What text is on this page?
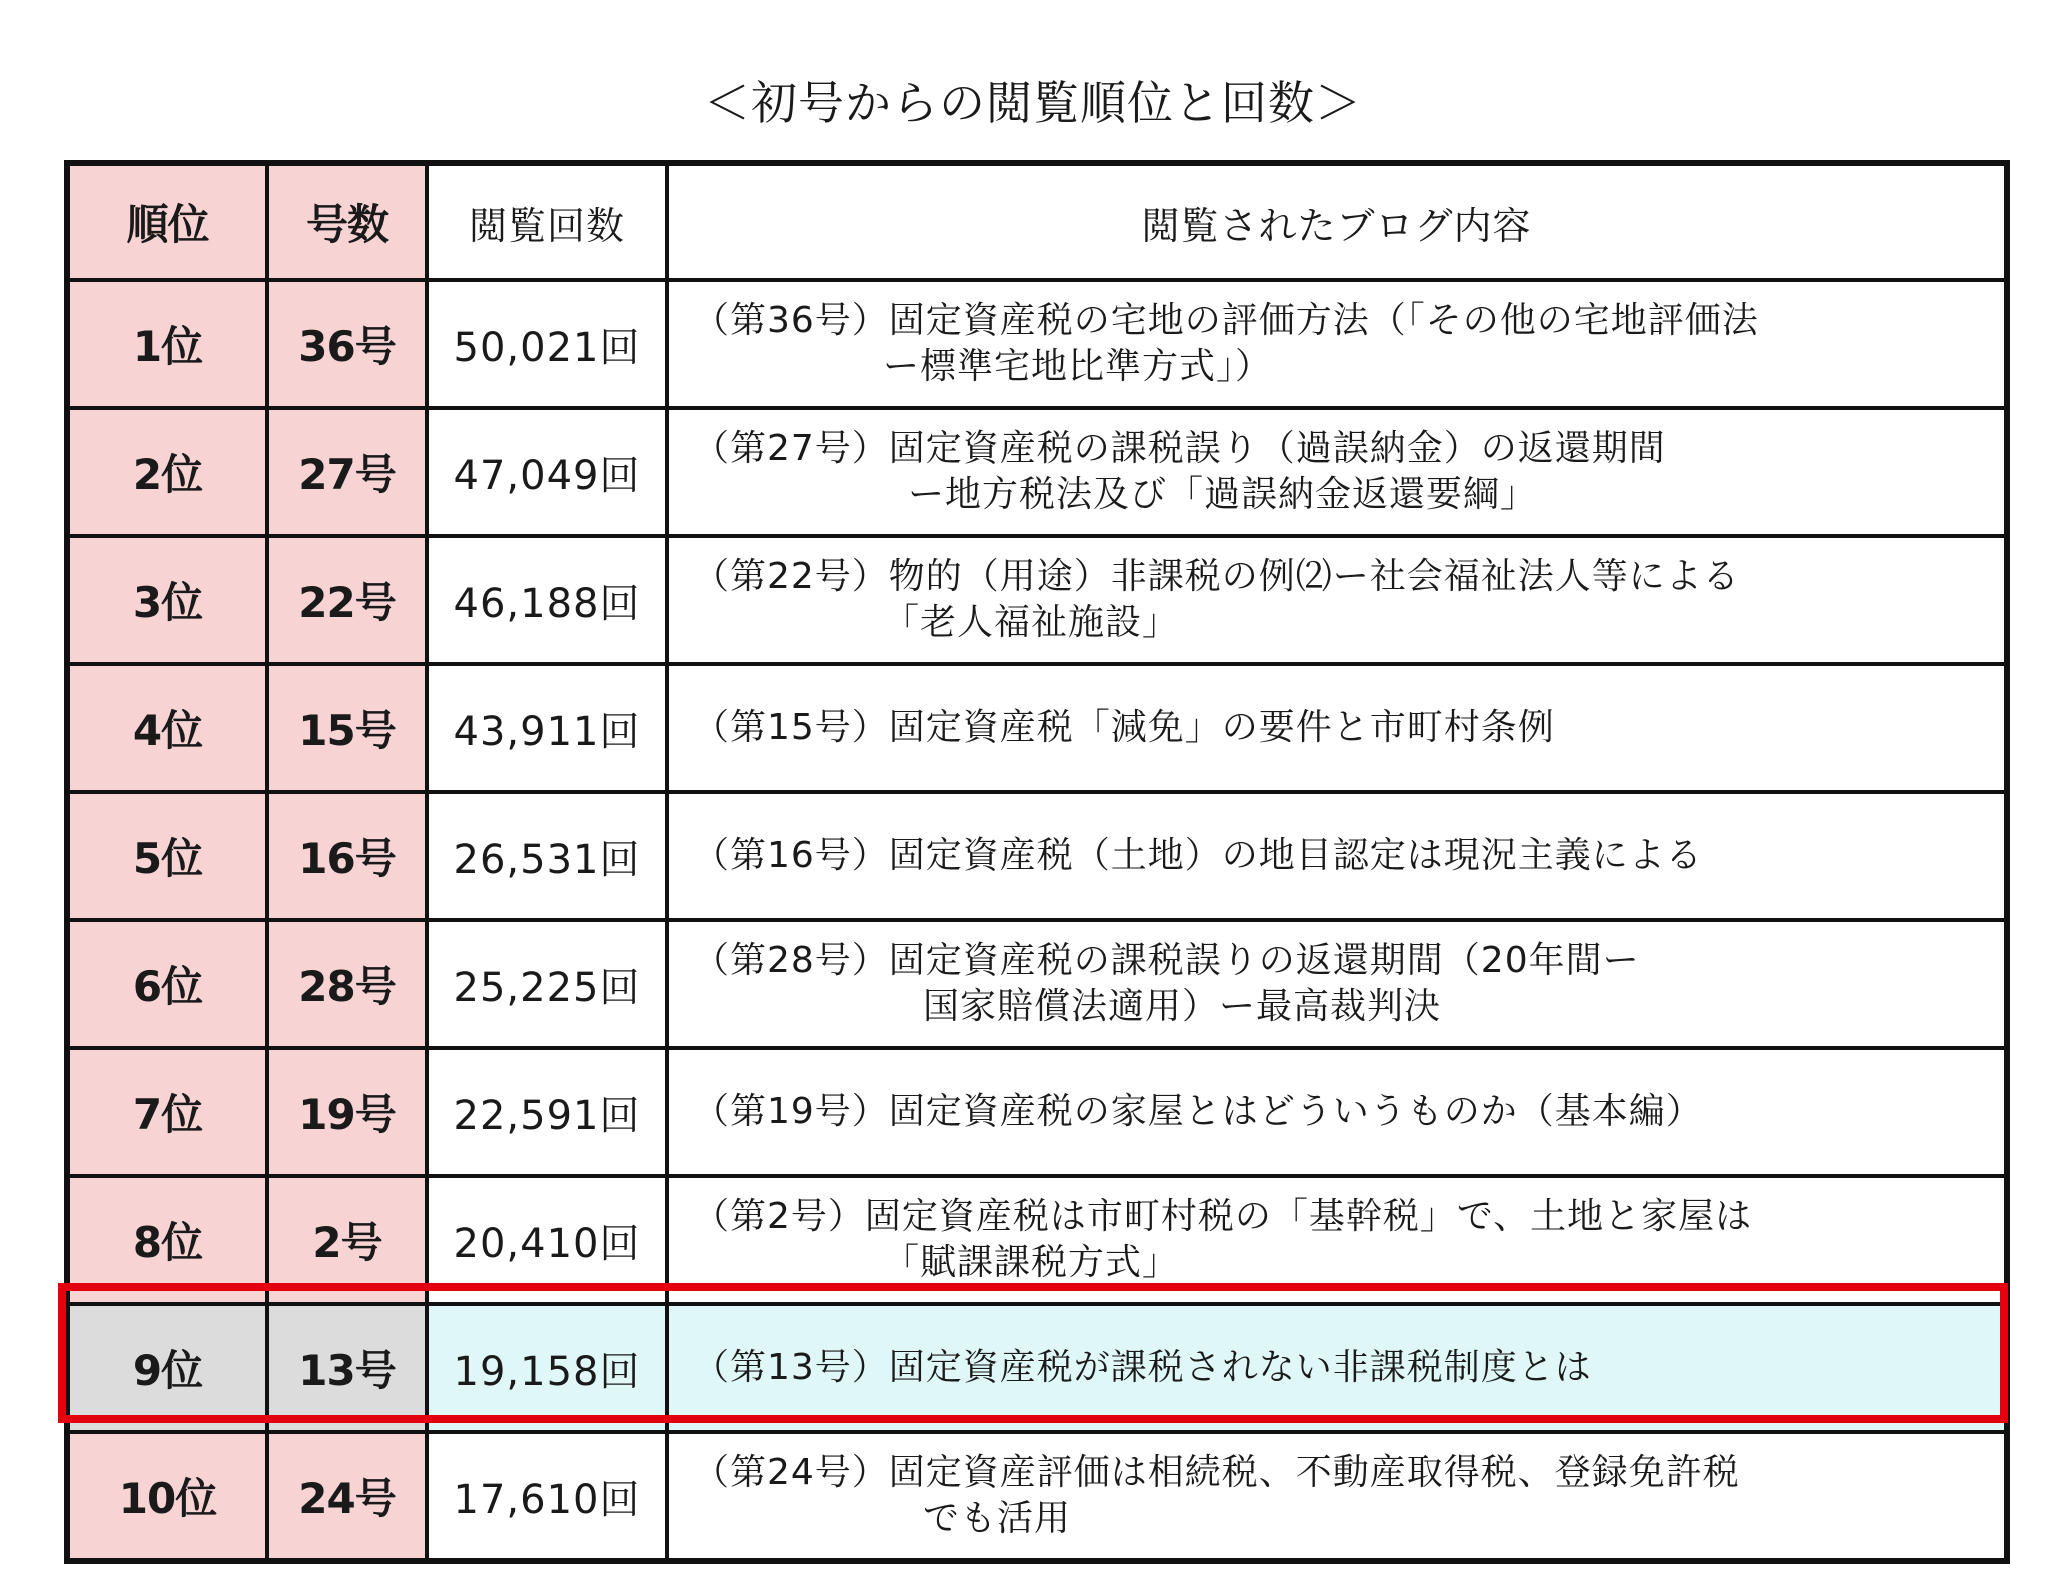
＜初号からの閲覧順位と回数＞
順位	号数	閲覧回数	閲覧されたブログ内容
1位	36号	50,021回	（第36号）固定資産税の宅地の評価方法（「その他の宅地評価法
ー標準宅地比準方式」）

2位	27号	47,049回	（第27号）固定資産税の課税誤り（過誤納金）の返還期間
ー地方税法及び「過誤納金返還要綱」

3位	22号	46,188回	（第22号）物的（用途）非課税の例⑵ー社会福祉法人等による
「老人福祉施設」

4位	15号	43,911回	（第15号）固定資産税「減免」の要件と市町村条例
5位	16号	26,531回	（第16号）固定資産税（土地）の地目認定は現況主義による
6位	28号	25,225回	（第28号）固定資産税の課税誤りの返還期間（20年間ー
国家賠償法適用）ー最高裁判決

7位	19号	22,591回	（第19号）固定資産税の家屋とはどういうものか（基本編）
8位	2号	20,410回	（第2号）固定資産税は市町村税の「基幹税」で、土地と家屋は
「賦課課税方式」

9位	13号	19,158回	（第13号）固定資産税が課税されない非課税制度とは
10位	24号	17,610回	（第24号）固定資産評価は相続税、不動産取得税、登録免許税
でも活用
